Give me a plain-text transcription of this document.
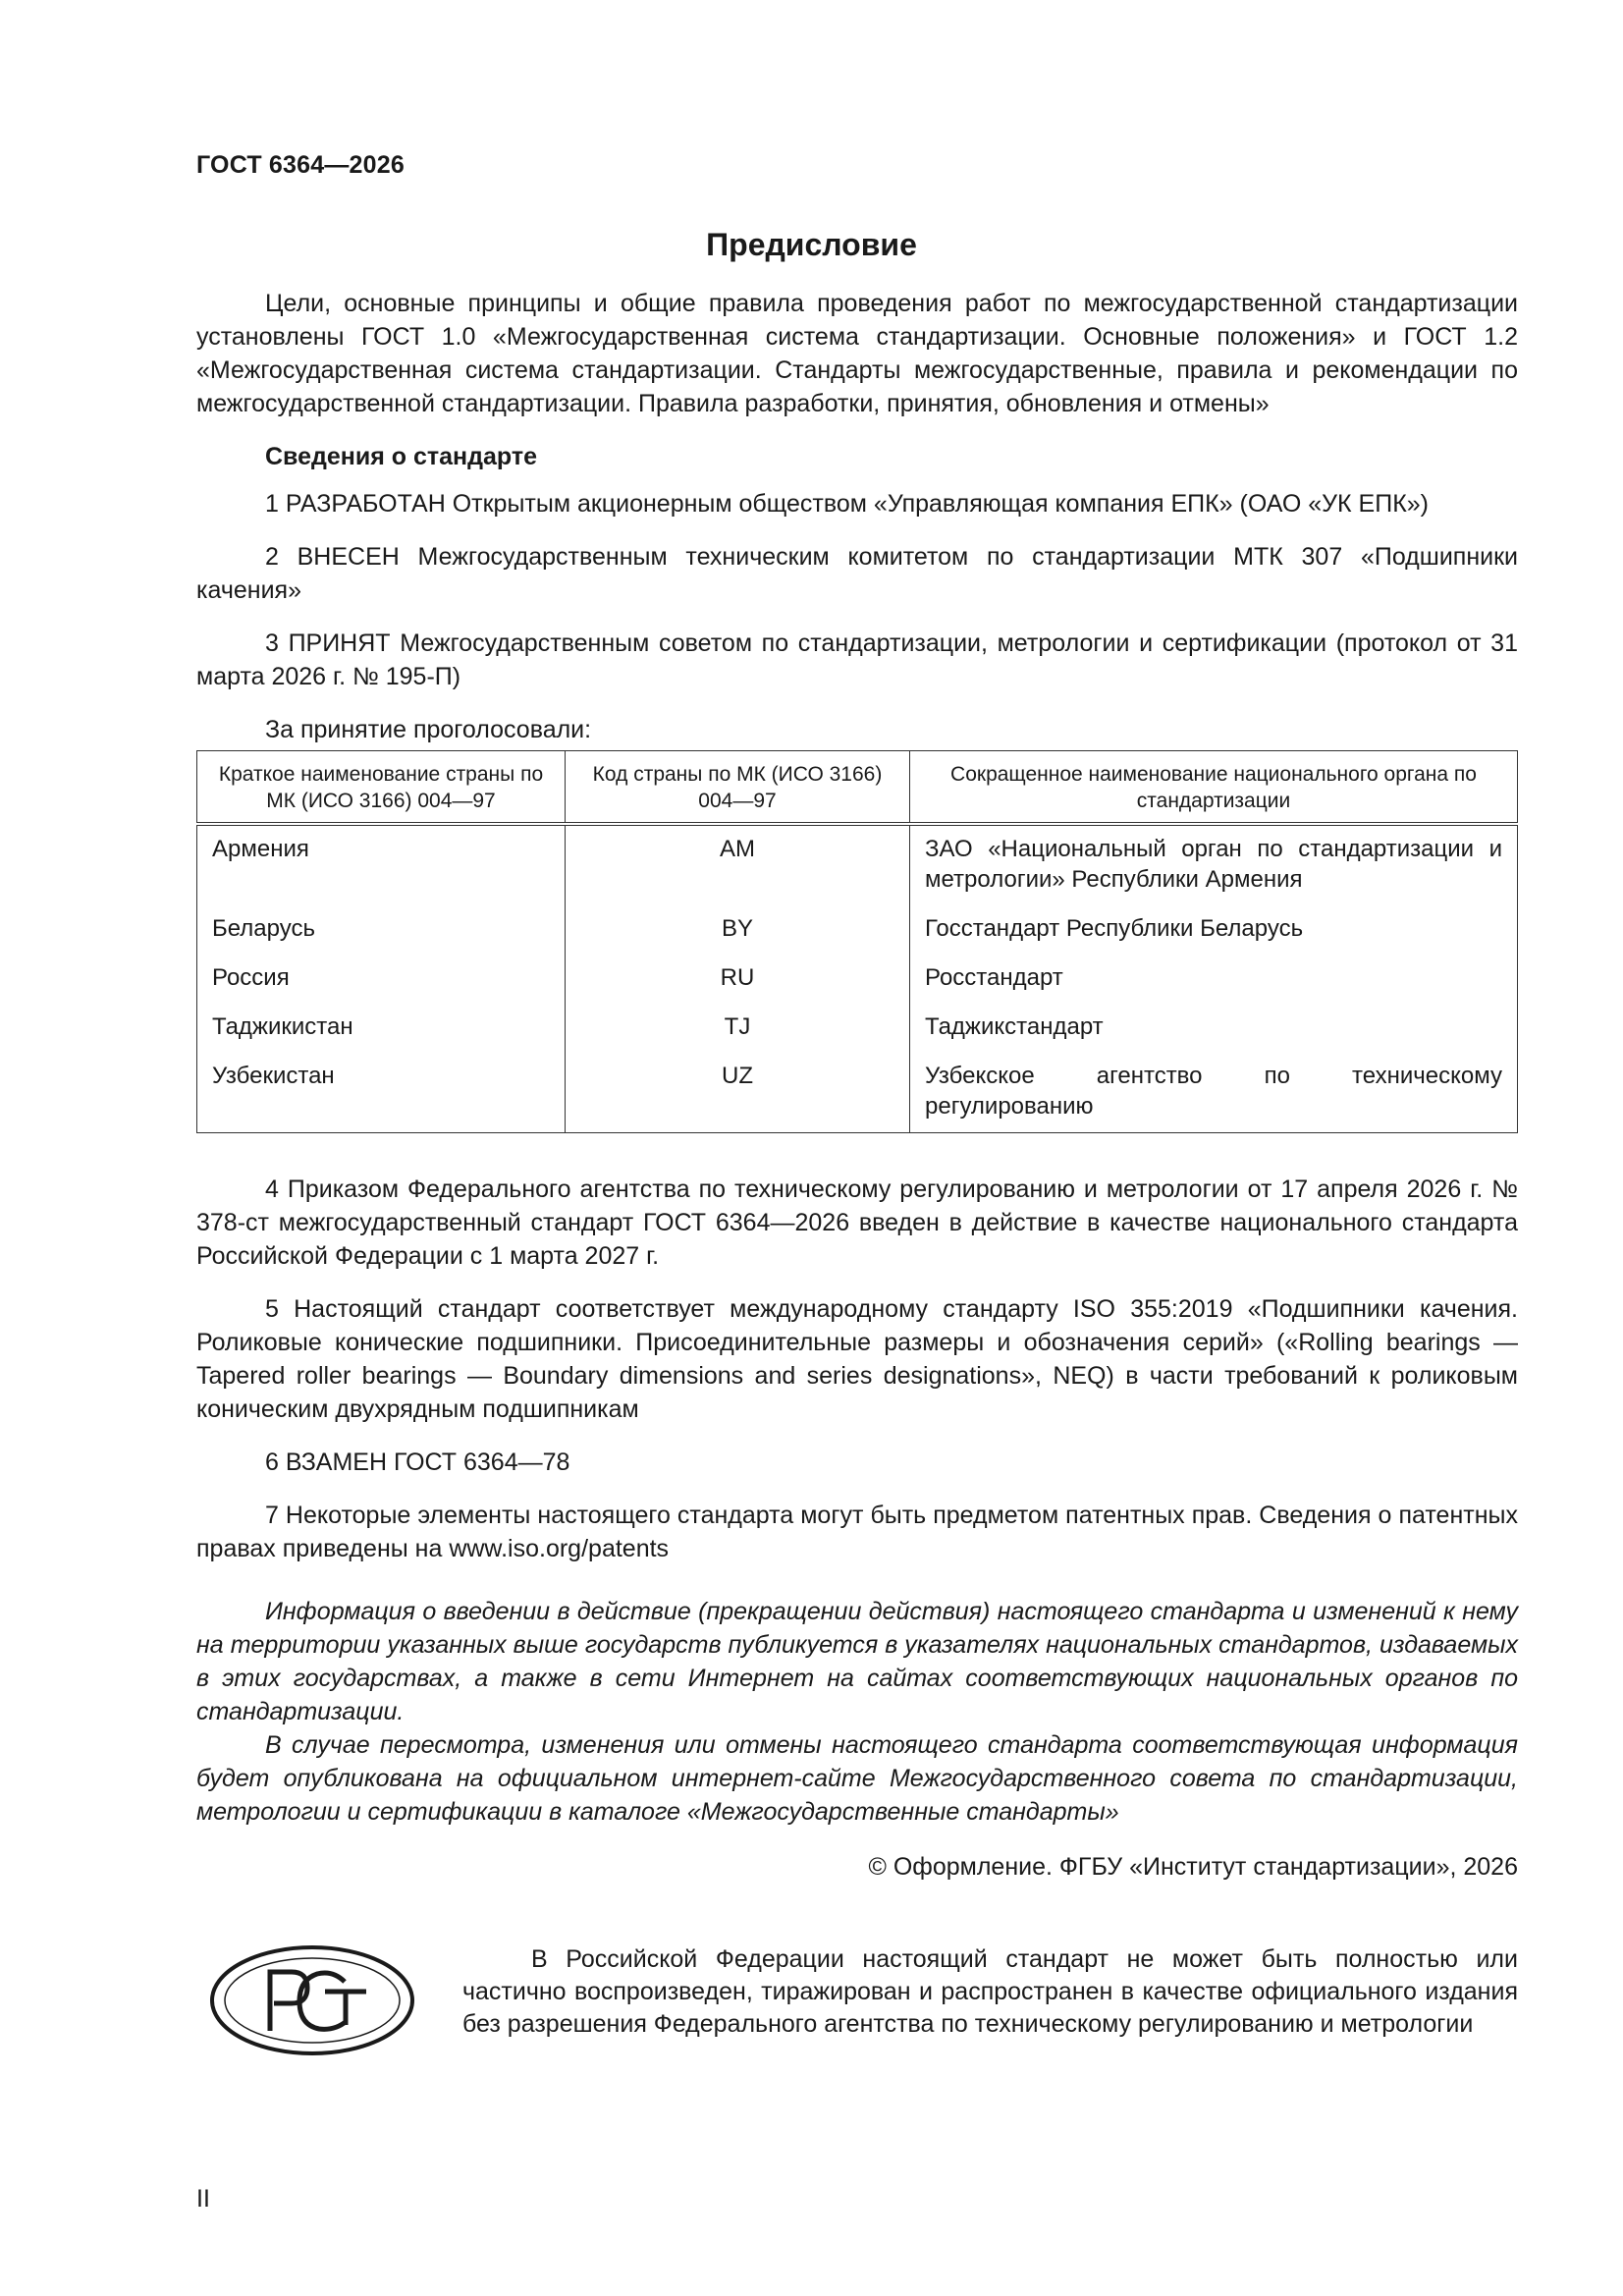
ГОСТ 6364—2026
Предисловие

Цели, основные принципы и общие правила проведения работ по межгосударственной стандартизации установлены ГОСТ 1.0 «Межгосударственная система стандартизации. Основные положения» и ГОСТ 1.2 «Межгосударственная система стандартизации. Стандарты межгосударственные, правила и рекомендации по межгосударственной стандартизации. Правила разработки, принятия, обновления и отмены»

Сведения о стандарте

1 РАЗРАБОТАН Открытым акционерным обществом «Управляющая компания ЕПК» (ОАО «УК ЕПК»)

2 ВНЕСЕН Межгосударственным техническим комитетом по стандартизации МТК 307 «Подшипники качения»

3 ПРИНЯТ Межгосударственным советом по стандартизации, метрологии и сертификации (протокол от 31 марта 2026 г. № 195-П)

За принятие проголосовали:
Краткое наименование страны по МК (ИСО 3166) 004—97	Код страны по МК (ИСО 3166) 004—97	Сокращенное наименование национального органа по стандартизации
Армения	AM	ЗАО «Национальный орган по стандартизации и метрологии» Республики Армения
Беларусь	BY	Госстандарт Республики Беларусь
Россия	RU	Росстандарт
Таджикистан	TJ	Таджикстандарт
Узбекистан	UZ	Узбекское агентство по техническому регулированию

4 Приказом Федерального агентства по техническому регулированию и метрологии от 17 апреля 2026 г. № 378-ст межгосударственный стандарт ГОСТ 6364—2026 введен в действие в качестве национального стандарта Российской Федерации с 1 марта 2027 г.

5 Настоящий стандарт соответствует международному стандарту ISO 355:2019 «Подшипники качения. Роликовые конические подшипники. Присоединительные размеры и обозначения серий» («Rolling bearings — Tapered roller bearings — Boundary dimensions and series designations», NEQ) в части требований к роликовым коническим двухрядным подшипникам

6 ВЗАМЕН ГОСТ 6364—78

7 Некоторые элементы настоящего стандарта могут быть предметом патентных прав. Сведения о патентных правах приведены на www.iso.org/patents

Информация о введении в действие (прекращении действия) настоящего стандарта и изменений к нему на территории указанных выше государств публикуется в указателях национальных стандартов, издаваемых в этих государствах, а также в сети Интернет на сайтах соответствующих национальных органов по стандартизации.

В случае пересмотра, изменения или отмены настоящего стандарта соответствующая информация будет опубликована на официальном интернет-сайте Межгосударственного совета по стандартизации, метрологии и сертификации в каталоге «Межгосударственные стандарты»

© Оформление. ФГБУ «Институт стандартизации», 2026
В Российской Федерации настоящий стандарт не может быть полностью или частично воспроизведен, тиражирован и распространен в качестве официального издания без разрешения Федерального агентства по техническому регулированию и метрологии
II
